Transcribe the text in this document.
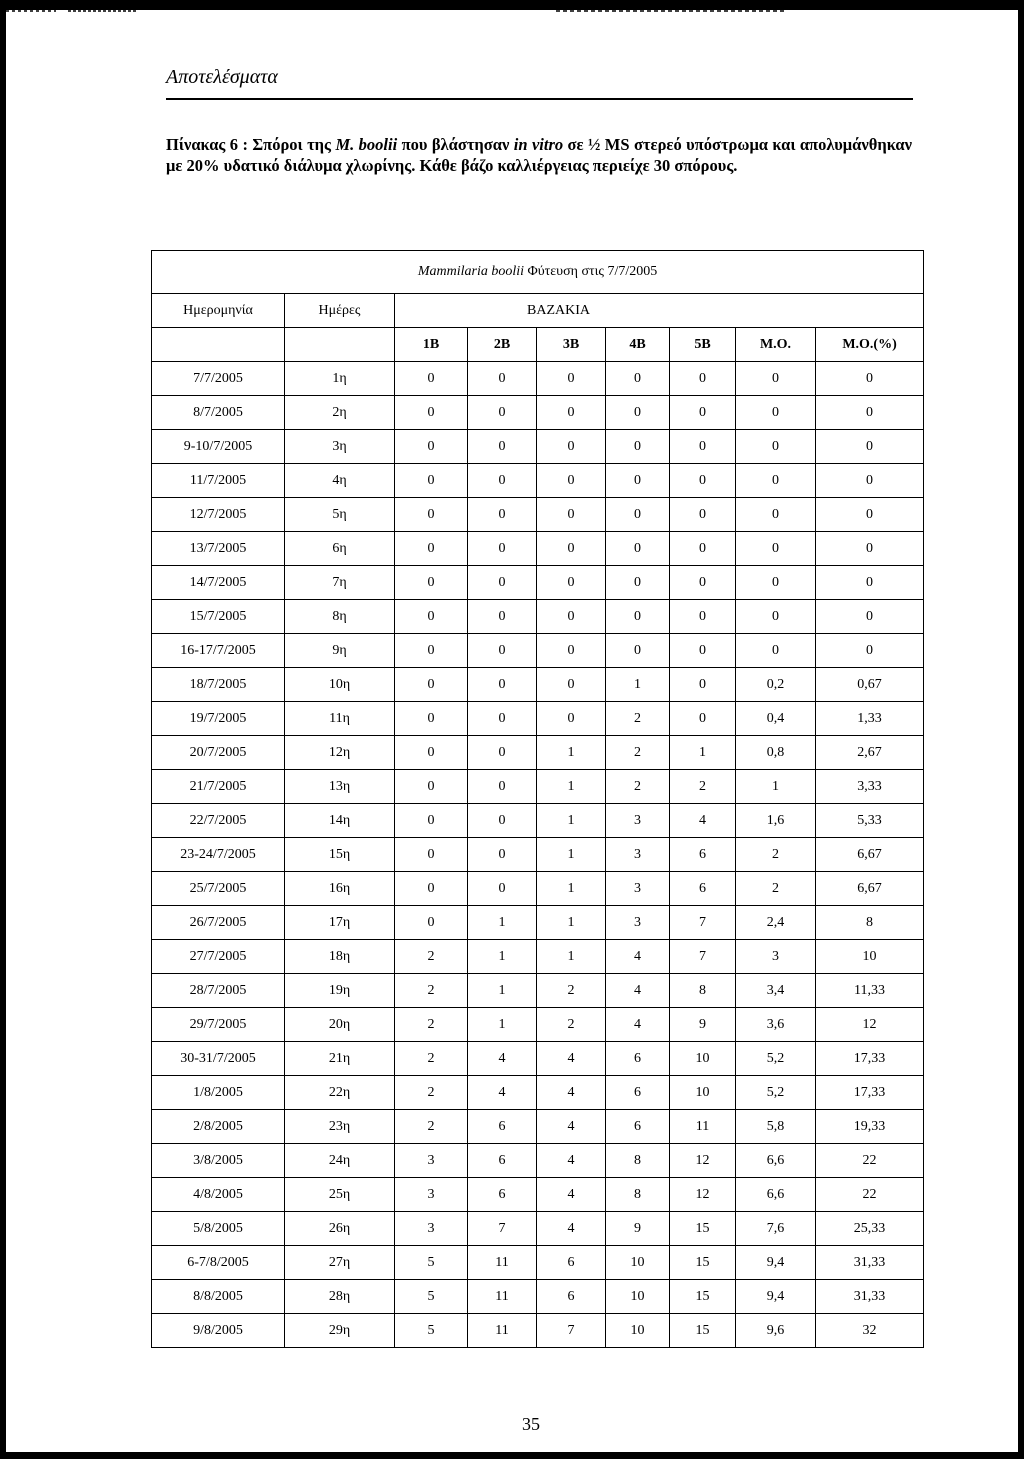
Αποτελέσματα
Πίνακας 6 : Σπόροι της M. boolii που βλάστησαν in vitro σε ½ MS στερεό υπόστρωμα και απολυμάνθηκαν με 20% υδατικό διάλυμα χλωρίνης. Κάθε βάζο καλλιέργειας περιείχε 30 σπόρους.
Mammilaria boolii Φύτευση στις 7/7/2005								
Ημερομηνία	Ημέρες	ΒΑΖΑΚΙΑ						
		1Β	2Β	3Β	4Β	5Β	Μ.Ο.	Μ.Ο.(%)
7/7/2005	1η	0	0	0	0	0	0	0
8/7/2005	2η	0	0	0	0	0	0	0
9-10/7/2005	3η	0	0	0	0	0	0	0
11/7/2005	4η	0	0	0	0	0	0	0
12/7/2005	5η	0	0	0	0	0	0	0
13/7/2005	6η	0	0	0	0	0	0	0
14/7/2005	7η	0	0	0	0	0	0	0
15/7/2005	8η	0	0	0	0	0	0	0
16-17/7/2005	9η	0	0	0	0	0	0	0
18/7/2005	10η	0	0	0	1	0	0,2	0,67
19/7/2005	11η	0	0	0	2	0	0,4	1,33
20/7/2005	12η	0	0	1	2	1	0,8	2,67
21/7/2005	13η	0	0	1	2	2	1	3,33
22/7/2005	14η	0	0	1	3	4	1,6	5,33
23-24/7/2005	15η	0	0	1	3	6	2	6,67
25/7/2005	16η	0	0	1	3	6	2	6,67
26/7/2005	17η	0	1	1	3	7	2,4	8
27/7/2005	18η	2	1	1	4	7	3	10
28/7/2005	19η	2	1	2	4	8	3,4	11,33
29/7/2005	20η	2	1	2	4	9	3,6	12
30-31/7/2005	21η	2	4	4	6	10	5,2	17,33
1/8/2005	22η	2	4	4	6	10	5,2	17,33
2/8/2005	23η	2	6	4	6	11	5,8	19,33
3/8/2005	24η	3	6	4	8	12	6,6	22
4/8/2005	25η	3	6	4	8	12	6,6	22
5/8/2005	26η	3	7	4	9	15	7,6	25,33
6-7/8/2005	27η	5	11	6	10	15	9,4	31,33
8/8/2005	28η	5	11	6	10	15	9,4	31,33
9/8/2005	29η	5	11	7	10	15	9,6	32
35
